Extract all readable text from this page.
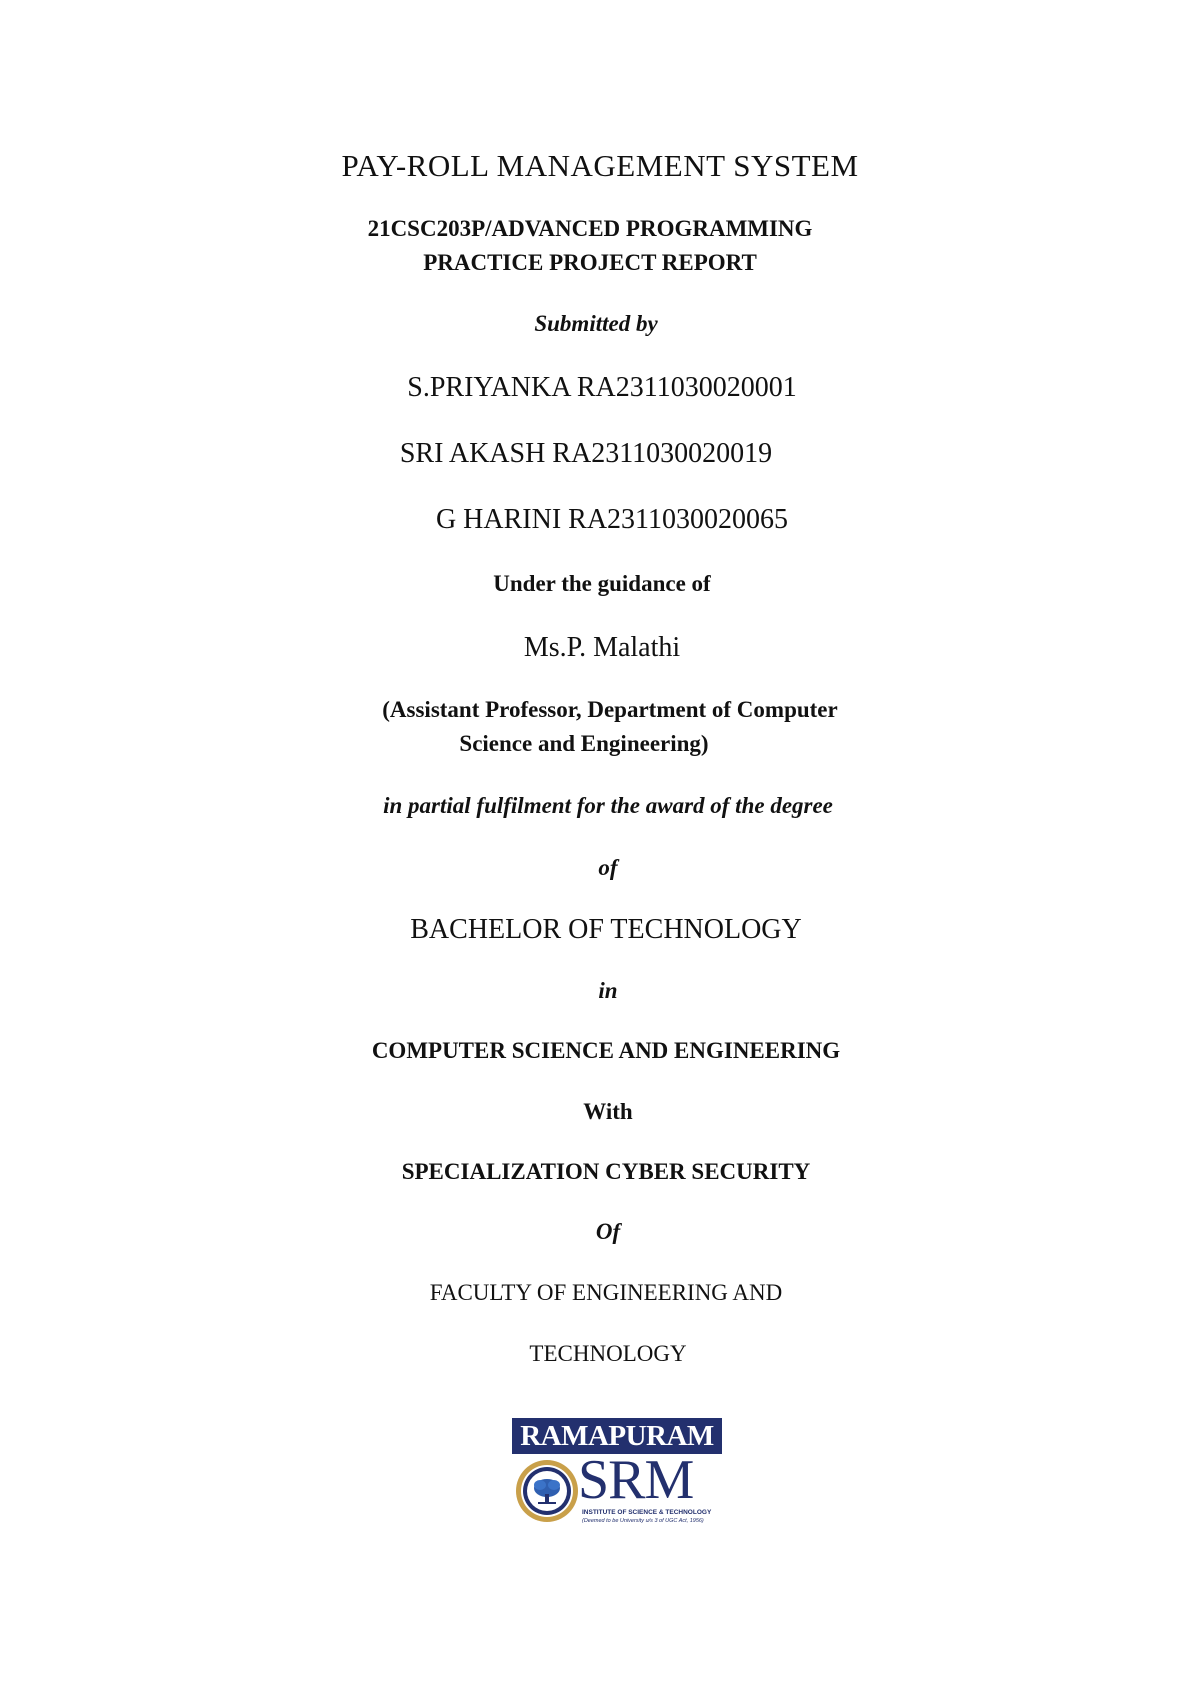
PAY-ROLL MANAGEMENT SYSTEM
21CSC203P/ADVANCED PROGRAMMING
PRACTICE PROJECT REPORT
Submitted by
S.PRIYANKA RA2311030020001
SRI AKASH RA2311030020019
G HARINI RA2311030020065
Under the guidance of
Ms.P. Malathi
(Assistant Professor, Department of Computer
Science and Engineering)
in partial fulfilment for the award of the degree
of
BACHELOR OF TECHNOLOGY
in
COMPUTER SCIENCE AND ENGINEERING
With
SPECIALIZATION CYBER SECURITY
Of
FACULTY OF ENGINEERING AND
TECHNOLOGY
RAMAPURAM
SRM
INSTITUTE OF SCIENCE & TECHNOLOGY
(Deemed to be University u/s 3 of UGC Act, 1956)
